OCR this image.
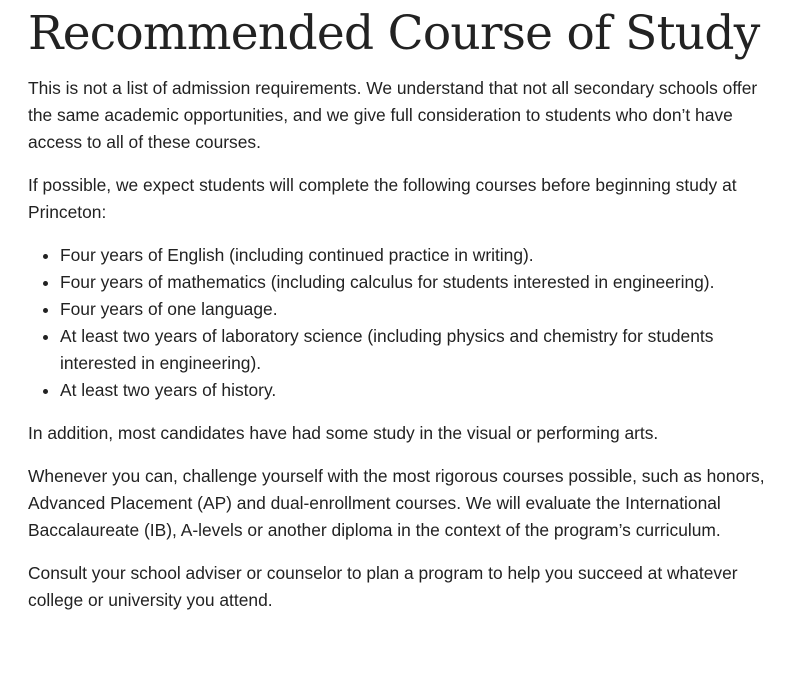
Recommended Course of Study

This is not a list of admission requirements. We understand that not all secondary schools offer the same academic opportunities, and we give full consideration to students who don’t have access to all of these courses.

If possible, we expect students will complete the following courses before beginning study at Princeton:

• Four years of English (including continued practice in writing).
• Four years of mathematics (including calculus for students interested in engineering).
• Four years of one language.
• At least two years of laboratory science (including physics and chemistry for students interested in engineering).
• At least two years of history.

In addition, most candidates have had some study in the visual or performing arts.

Whenever you can, challenge yourself with the most rigorous courses possible, such as honors, Advanced Placement (AP) and dual-enrollment courses. We will evaluate the International Baccalaureate (IB), A-levels or another diploma in the context of the program’s curriculum.

Consult your school adviser or counselor to plan a program to help you succeed at whatever college or university you attend.
